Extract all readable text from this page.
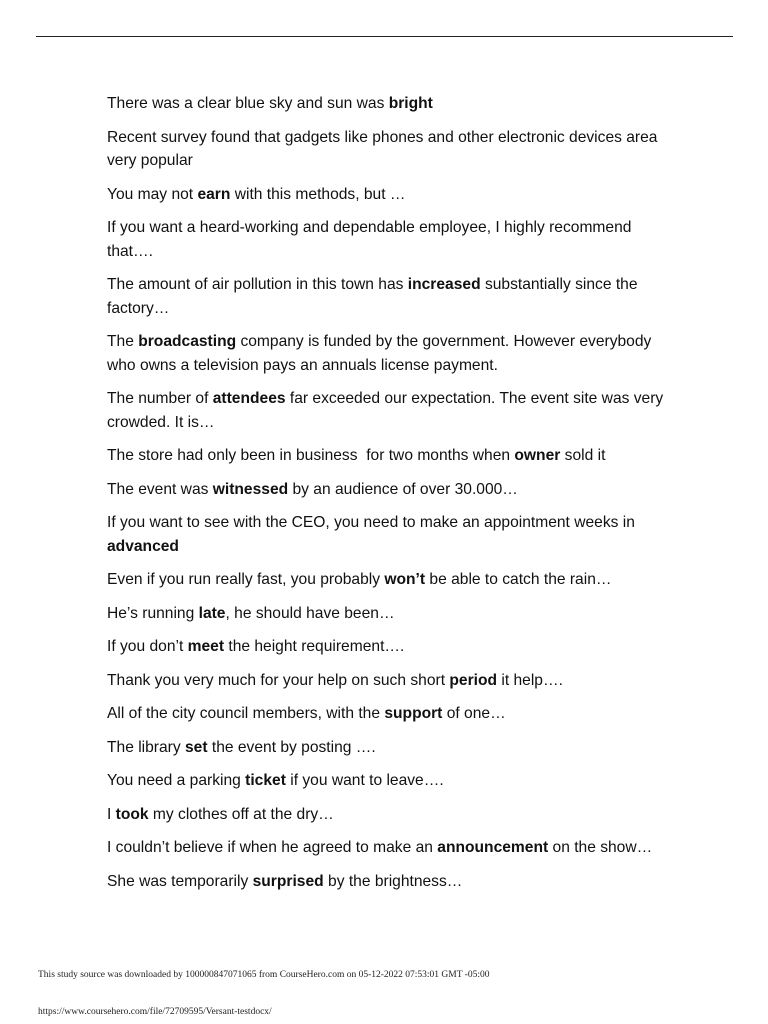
There was a clear blue sky and sun was bright

Recent survey found that gadgets like phones and other electronic devices area very popular

You may not earn with this methods, but …

If you want a heard-working and dependable employee, I highly recommend that….

The amount of air pollution in this town has increased substantially since the factory…

The broadcasting company is funded by the government. However everybody who owns a television pays an annuals license payment.

The number of attendees far exceeded our expectation. The event site was very crowded. It is…

The store had only been in business  for two months when owner sold it

The event was witnessed by an audience of over 30.000…

If you want to see with the CEO, you need to make an appointment weeks in advanced

Even if you run really fast, you probably won’t be able to catch the rain…

He’s running late, he should have been…

If you don’t meet the height requirement….

Thank you very much for your help on such short period it help….

All of the city council members, with the support of one…

The library set the event by posting ….

You need a parking ticket if you want to leave….

I took my clothes off at the dry…

I couldn’t believe if when he agreed to make an announcement on the show…

She was temporarily surprised by the brightness…

This study source was downloaded by 100000847071065 from CourseHero.com on 05-12-2022 07:53:01 GMT -05:00
https://www.coursehero.com/file/72709595/Versant-testdocx/
